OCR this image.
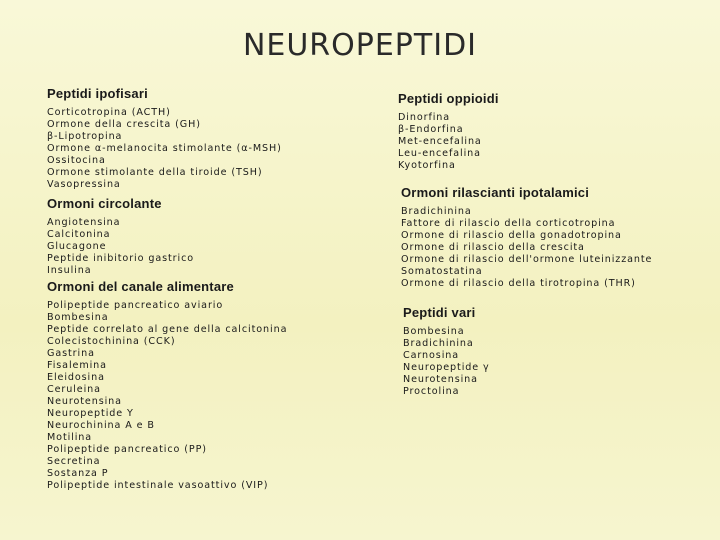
NEUROPEPTIDI
Peptidi ipofisari
Corticotropina (ACTH)
Ormone della crescita (GH)
β-Lipotropina
Ormone α-melanocita stimolante (α-MSH)
Ossitocina
Ormone stimolante della tiroide (TSH)
Vasopressina
Ormoni circolante
Angiotensina
Calcitonina
Glucagone
Peptide inibitorio gastrico
Insulina
Ormoni del canale alimentare
Polipeptide pancreatico aviario
Bombesina
Peptide correlato al gene della calcitonina
Colecistochinina (CCK)
Gastrina
Fisalemina
Eleidosina
Ceruleina
Neurotensina
Neuropeptide Y
Neurochinina A e B
Motilina
Polipeptide pancreatico (PP)
Secretina
Sostanza P
Polipeptide intestinale vasoattivo (VIP)
Peptidi oppioidi
Dinorfina
β-Endorfina
Met-encefalina
Leu-encefalina
Kyotorfina
Ormoni rilascianti ipotalamici
Bradichinina
Fattore di rilascio della corticotropina
Ormone di rilascio della gonadotropina
Ormone di rilascio della crescita
Ormone di rilascio dell'ormone luteinizzante
Somatostatina
Ormone di rilascio della tirotropina (THR)
Peptidi vari
Bombesina
Bradichinina
Carnosina
Neuropeptide γ
Neurotensina
Proctolina
